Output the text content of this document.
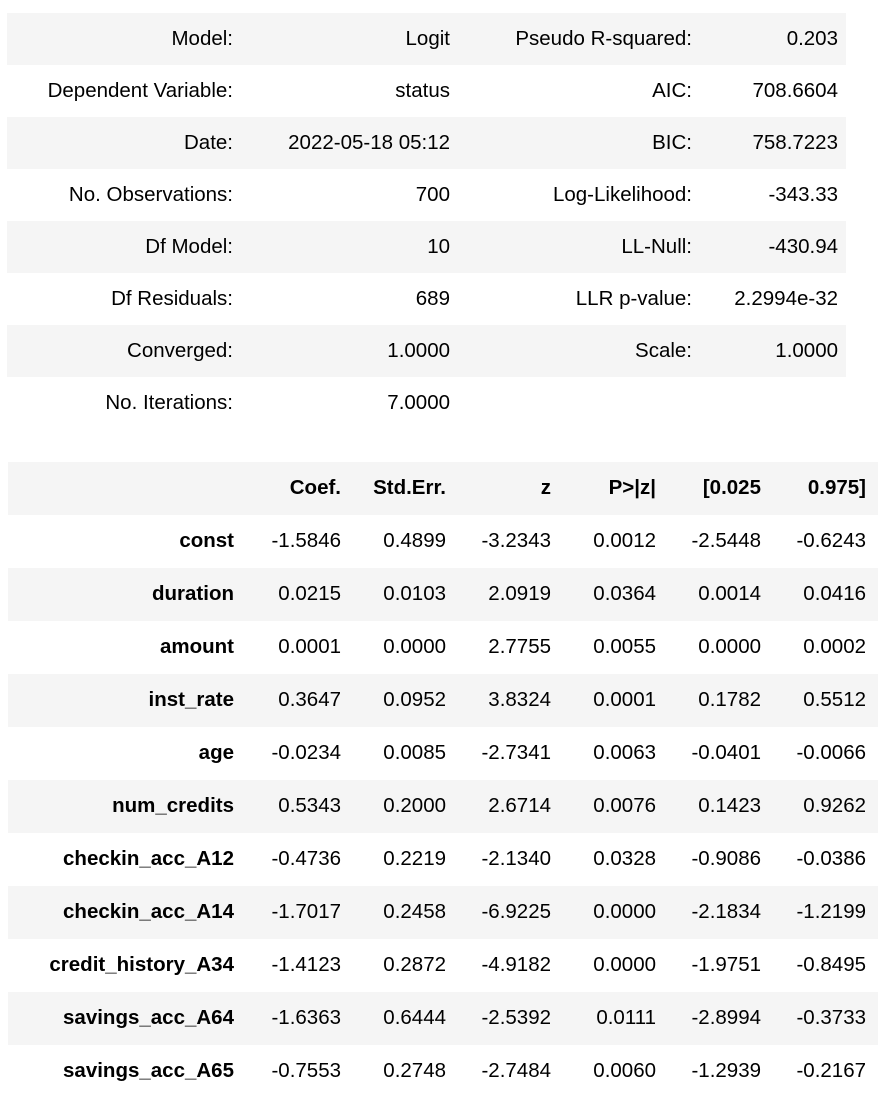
Model:	Logit	Pseudo R-squared:	0.203
Dependent Variable:	status	AIC:	708.6604
Date:	2022-05-18 05:12	BIC:	758.7223
No. Observations:	700	Log-Likelihood:	-343.33
Df Model:	10	LL-Null:	-430.94
Df Residuals:	689	LLR p-value:	2.2994e-32
Converged:	1.0000	Scale:	1.0000
No. Iterations:	7.0000		
	Coef.	Std.Err.	z	P>|z|	[0.025	0.975]
const	-1.5846	0.4899	-3.2343	0.0012	-2.5448	-0.6243
duration	0.0215	0.0103	2.0919	0.0364	0.0014	0.0416
amount	0.0001	0.0000	2.7755	0.0055	0.0000	0.0002
inst_rate	0.3647	0.0952	3.8324	0.0001	0.1782	0.5512
age	-0.0234	0.0085	-2.7341	0.0063	-0.0401	-0.0066
num_credits	0.5343	0.2000	2.6714	0.0076	0.1423	0.9262
checkin_acc_A12	-0.4736	0.2219	-2.1340	0.0328	-0.9086	-0.0386
checkin_acc_A14	-1.7017	0.2458	-6.9225	0.0000	-2.1834	-1.2199
credit_history_A34	-1.4123	0.2872	-4.9182	0.0000	-1.9751	-0.8495
savings_acc_A64	-1.6363	0.6444	-2.5392	0.0111	-2.8994	-0.3733
savings_acc_A65	-0.7553	0.2748	-2.7484	0.0060	-1.2939	-0.2167
